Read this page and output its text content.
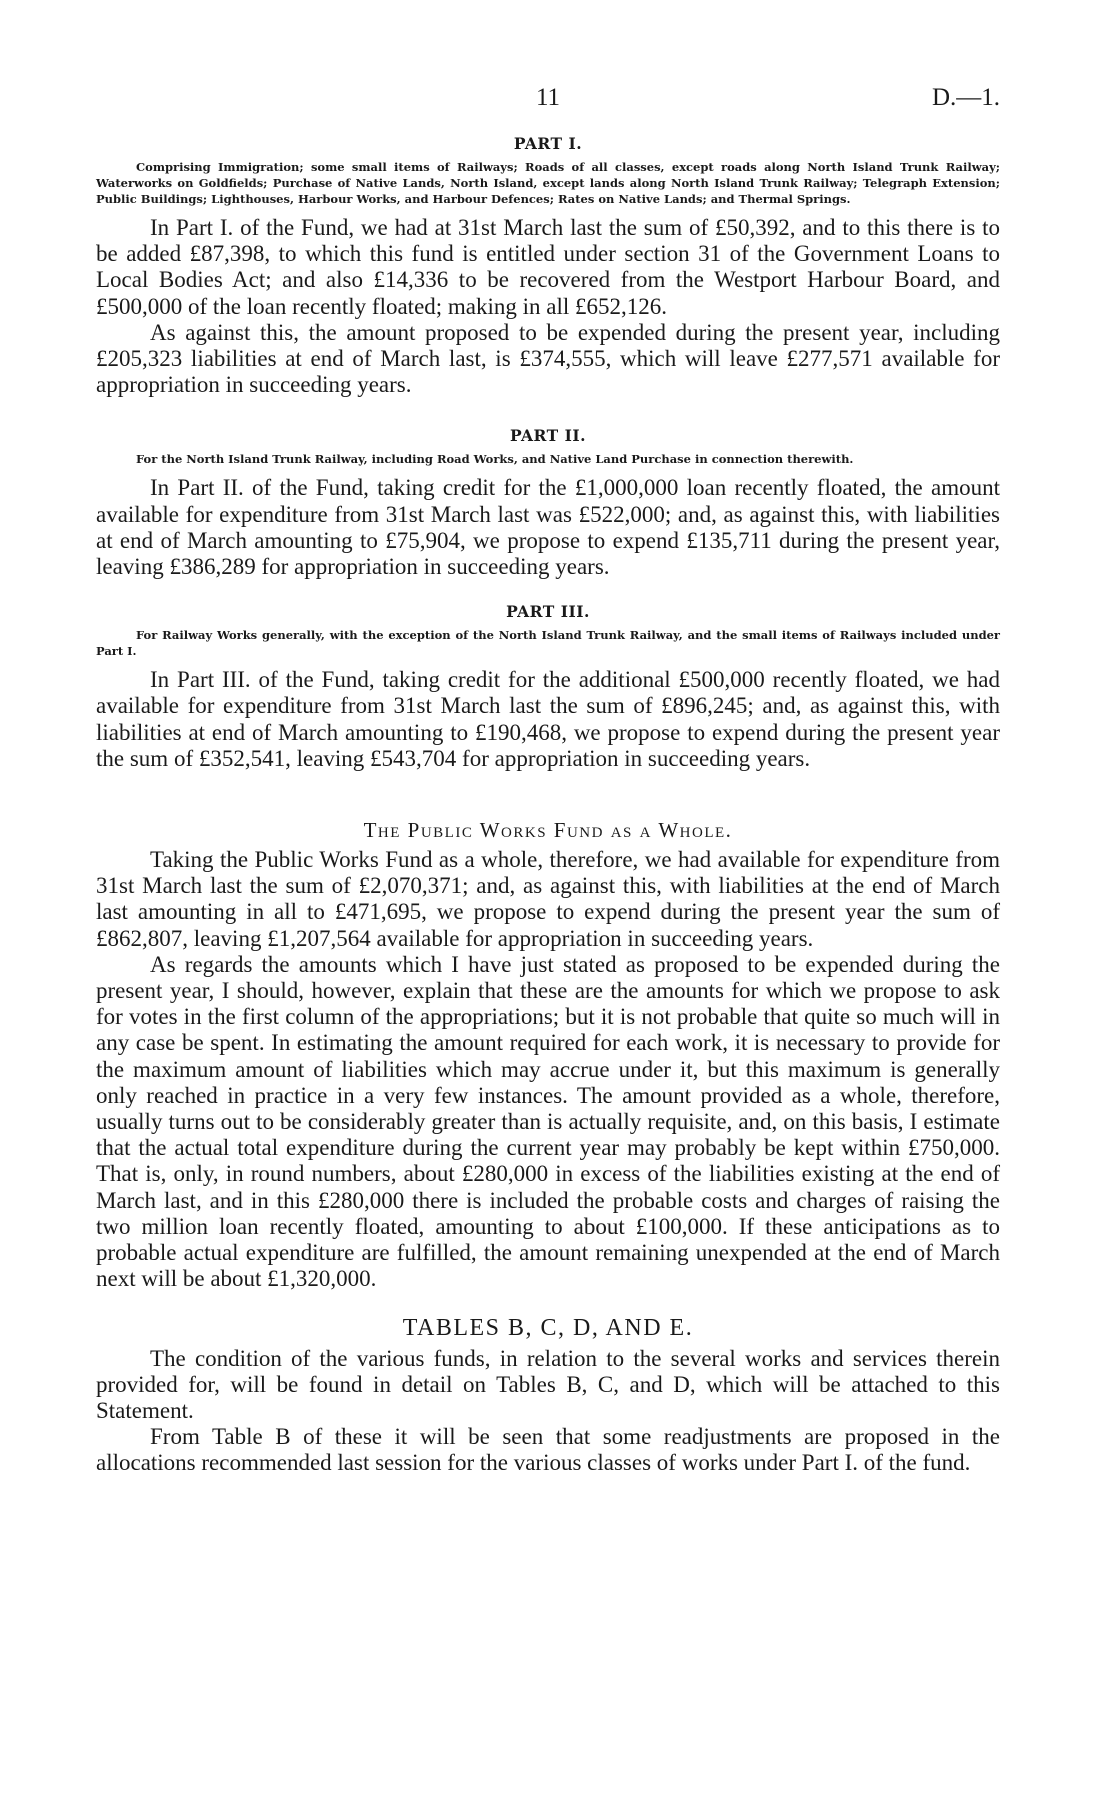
11	D.—1.
PART I.
Comprising Immigration; some small items of Railways; Roads of all classes, except roads along North Island Trunk Railway; Waterworks on Goldfields; Purchase of Native Lands, North Island, except lands along North Island Trunk Railway; Telegraph Extension; Public Buildings; Lighthouses, Harbour Works, and Harbour Defences; Rates on Native Lands; and Thermal Springs.

In Part I. of the Fund, we had at 31st March last the sum of £50,392, and to this there is to be added £87,398, to which this fund is entitled under section 31 of the Government Loans to Local Bodies Act; and also £14,336 to be recovered from the Westport Harbour Board, and £500,000 of the loan recently floated; making in all £652,126.

As against this, the amount proposed to be expended during the present year, including £205,323 liabilities at end of March last, is £374,555, which will leave £277,571 available for appropriation in succeeding years.

PART II.
For the North Island Trunk Railway, including Road Works, and Native Land Purchase in connection therewith.

In Part II. of the Fund, taking credit for the £1,000,000 loan recently floated, the amount available for expenditure from 31st March last was £522,000; and, as against this, with liabilities at end of March amounting to £75,904, we propose to expend £135,711 during the present year, leaving £386,289 for appropriation in succeeding years.

PART III.
For Railway Works generally, with the exception of the North Island Trunk Railway, and the small items of Railways included under Part I.

In Part III. of the Fund, taking credit for the additional £500,000 recently floated, we had available for expenditure from 31st March last the sum of £896,245; and, as against this, with liabilities at end of March amounting to £190,468, we propose to expend during the present year the sum of £352,541, leaving £543,704 for appropriation in succeeding years.

The Public Works Fund as a Whole.

Taking the Public Works Fund as a whole, therefore, we had available for expenditure from 31st March last the sum of £2,070,371; and, as against this, with liabilities at the end of March last amounting in all to £471,695, we propose to expend during the present year the sum of £862,807, leaving £1,207,564 available for appropriation in succeeding years.

As regards the amounts which I have just stated as proposed to be expended during the present year, I should, however, explain that these are the amounts for which we propose to ask for votes in the first column of the appropriations; but it is not probable that quite so much will in any case be spent. In estimating the amount required for each work, it is necessary to provide for the maximum amount of liabilities which may accrue under it, but this maximum is generally only reached in practice in a very few instances. The amount provided as a whole, therefore, usually turns out to be considerably greater than is actually requisite, and, on this basis, I estimate that the actual total expenditure during the current year may probably be kept within £750,000. That is, only, in round numbers, about £280,000 in excess of the liabilities existing at the end of March last, and in this £280,000 there is included the probable costs and charges of raising the two million loan recently floated, amounting to about £100,000. If these anticipations as to probable actual expenditure are fulfilled, the amount remaining unexpended at the end of March next will be about £1,320,000.

TABLES B, C, D, AND E.

The condition of the various funds, in relation to the several works and services therein provided for, will be found in detail on Tables B, C, and D, which will be attached to this Statement.

From Table B of these it will be seen that some readjustments are proposed in the allocations recommended last session for the various classes of works under Part I. of the fund.
